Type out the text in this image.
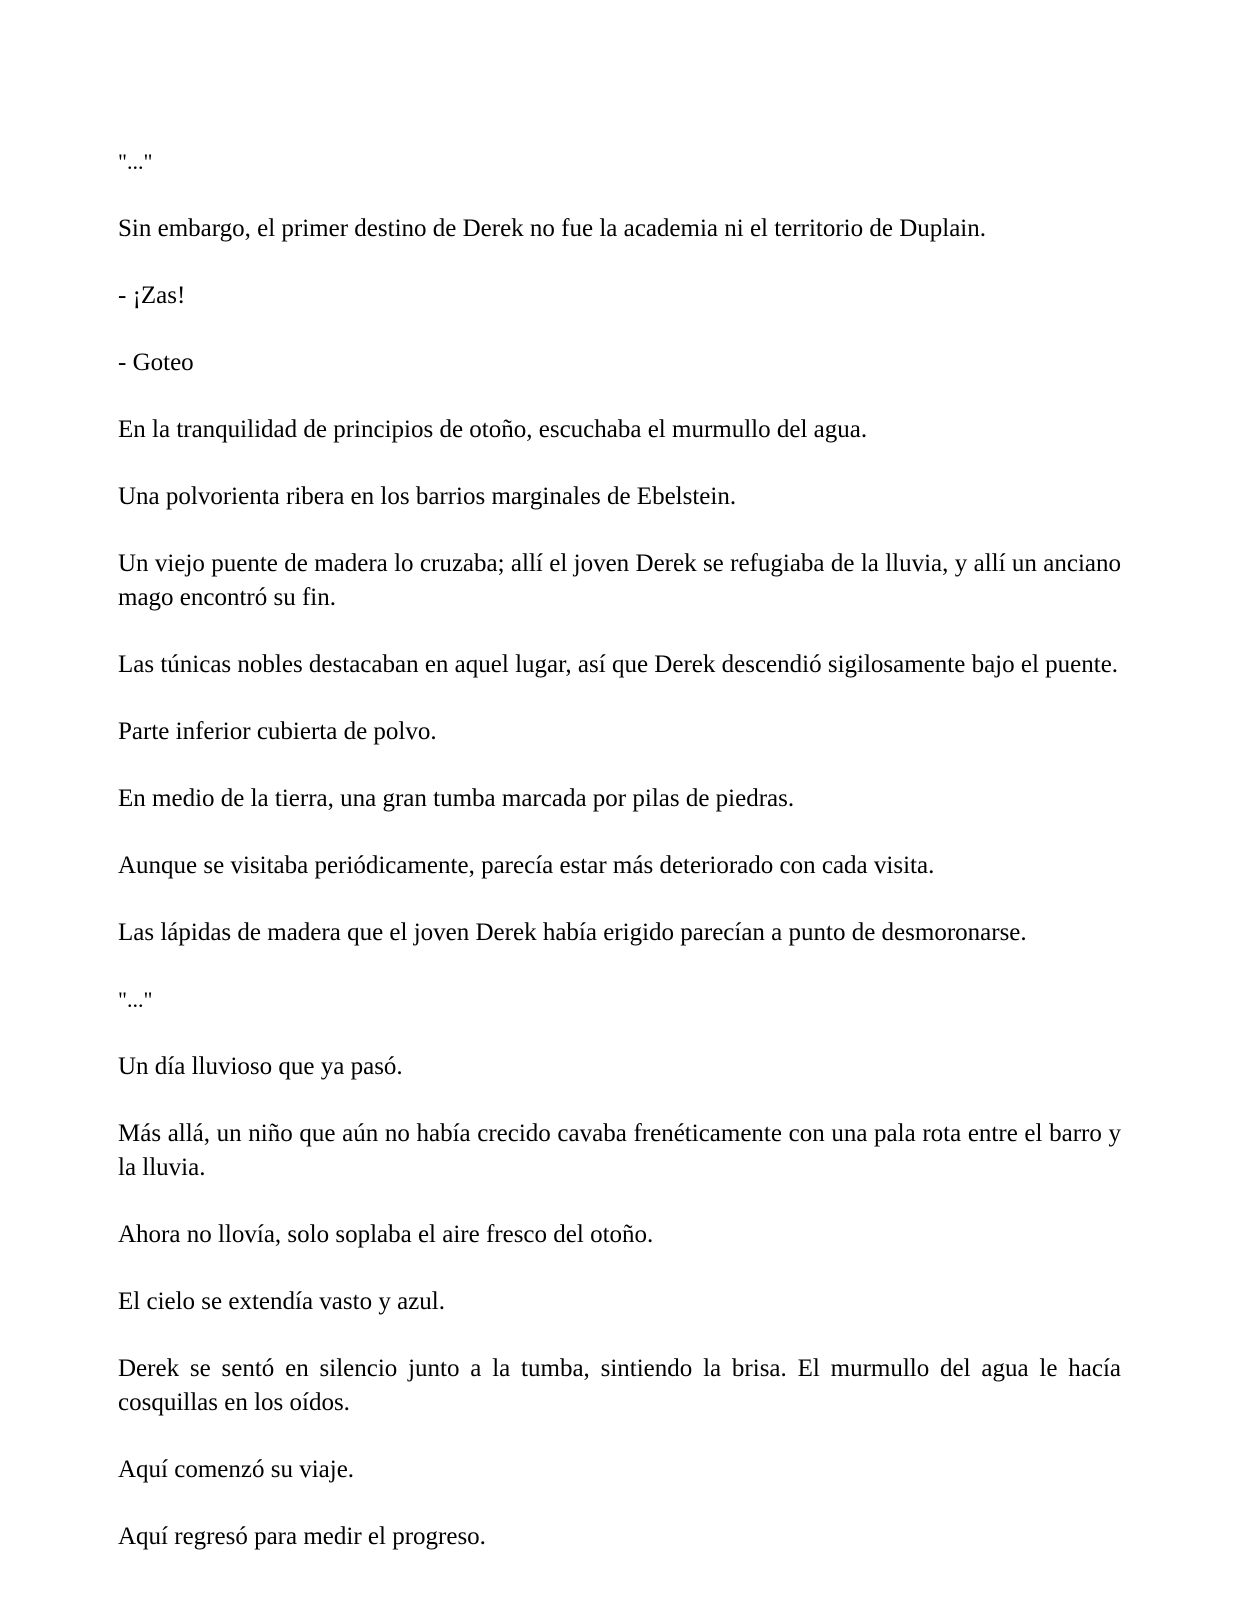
"..."

Sin embargo, el primer destino de Derek no fue la academia ni el territorio de Duplain.

- ¡Zas!

- Goteo

En la tranquilidad de principios de otoño, escuchaba el murmullo del agua.

Una polvorienta ribera en los barrios marginales de Ebelstein.

Un viejo puente de madera lo cruzaba; allí el joven Derek se refugiaba de la lluvia, y allí un anciano mago encontró su fin.

Las túnicas nobles destacaban en aquel lugar, así que Derek descendió sigilosamente bajo el puente.

Parte inferior cubierta de polvo.

En medio de la tierra, una gran tumba marcada por pilas de piedras.

Aunque se visitaba periódicamente, parecía estar más deteriorado con cada visita.

Las lápidas de madera que el joven Derek había erigido parecían a punto de desmoronarse.

"..."

Un día lluvioso que ya pasó.

Más allá, un niño que aún no había crecido cavaba frenéticamente con una pala rota entre el barro y la lluvia.

Ahora no llovía, solo soplaba el aire fresco del otoño.

El cielo se extendía vasto y azul.

Derek se sentó en silencio junto a la tumba, sintiendo la brisa. El murmullo del agua le hacía cosquillas en los oídos.

Aquí comenzó su viaje.

Aquí regresó para medir el progreso.
